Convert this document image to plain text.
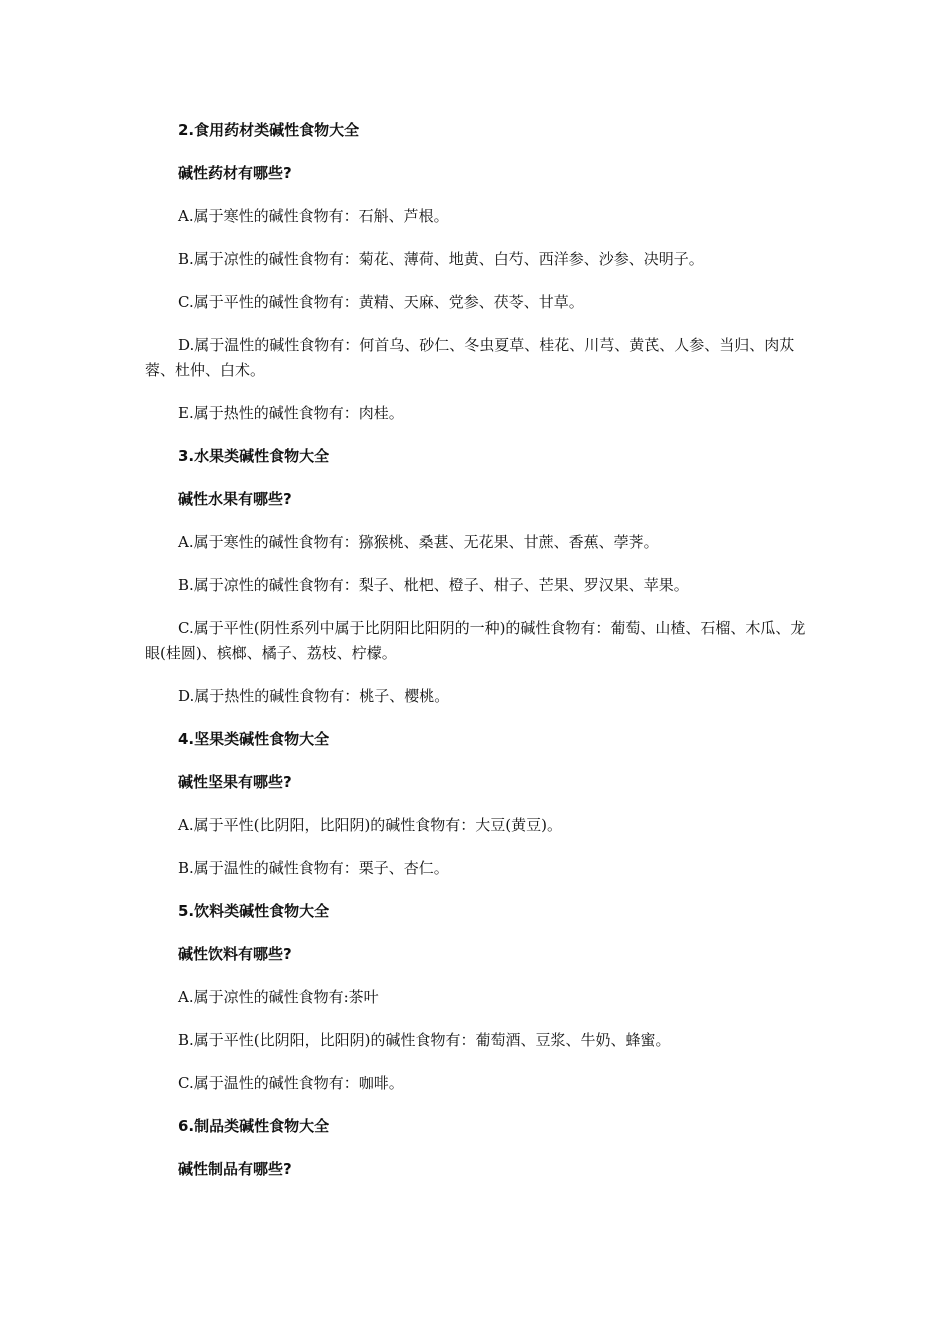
2.食用药材类碱性食物大全

碱性药材有哪些?

A.属于寒性的碱性食物有：石斛、芦根。

B.属于凉性的碱性食物有：菊花、薄荷、地黄、白芍、西洋参、沙参、决明子。

C.属于平性的碱性食物有：黄精、天麻、党参、茯苓、甘草。

D.属于温性的碱性食物有：何首乌、砂仁、冬虫夏草、桂花、川芎、黄芪、人参、当归、肉苁蓉、杜仲、白术。

E.属于热性的碱性食物有：肉桂。

3.水果类碱性食物大全

碱性水果有哪些?

A.属于寒性的碱性食物有：猕猴桃、桑葚、无花果、甘蔗、香蕉、荸荠。

B.属于凉性的碱性食物有：梨子、枇杷、橙子、柑子、芒果、罗汉果、苹果。

C.属于平性(阴性系列中属于比阴阳比阳阴的一种)的碱性食物有：葡萄、山楂、石榴、木瓜、龙眼(桂圆)、槟榔、橘子、荔枝、柠檬。

D.属于热性的碱性食物有：桃子、樱桃。

4.坚果类碱性食物大全

碱性坚果有哪些?

A.属于平性(比阴阳，比阳阴)的碱性食物有：大豆(黄豆)。

B.属于温性的碱性食物有：栗子、杏仁。

5.饮料类碱性食物大全

碱性饮料有哪些?

A.属于凉性的碱性食物有:茶叶

B.属于平性(比阴阳，比阳阴)的碱性食物有：葡萄酒、豆浆、牛奶、蜂蜜。

C.属于温性的碱性食物有：咖啡。

6.制品类碱性食物大全

碱性制品有哪些?
